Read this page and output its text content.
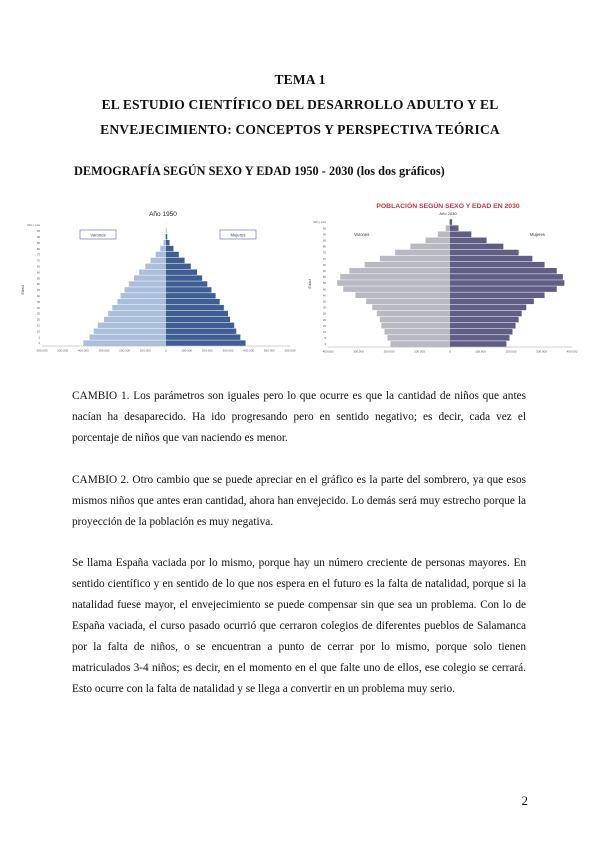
TEMA 1
EL ESTUDIO CIENTÍFICO DEL DESARROLLO ADULTO Y EL
ENVEJECIMIENTO: CONCEPTOS Y PERSPECTIVA TEÓRICA
DEMOGRAFÍA SEGÚN SEXO Y EDAD 1950 - 2030 (los dos gráficos)
Año 1950
Edad
100 y más
95
90
85
80
75
70
65
60
55
50
45
40
35
30
25
20
15
10
5
0
600.000	500.000	400.000	300.000	200.000	100.000	0	100.000	200.000	300.000	400.000	500.000	600.000
Varones	Mujeres
POBLACIÓN SEGÚN SEXO Y EDAD EN 2030
Año 2030
Edad
100 y más
95
90
85
80
75
70
65
60
55
50
45
40
35
30
25
20
15
10
5
0
400.000	300.000	200.000	100.000	0	100.000	200.000	300.000	400.000
Varones	Mujeres
CAMBIO 1. Los parámetros son iguales pero lo que ocurre es que la cantidad de niños que antes nacían ha desaparecido. Ha ido progresando pero en sentido negativo; es decir, cada vez el porcentaje de niños que van naciendo es menor.
CAMBIO 2. Otro cambio que se puede apreciar en el gráfico es la parte del sombrero, ya que esos mismos niños que antes eran cantidad, ahora han envejecido. Lo demás será muy estrecho porque la proyección de la población es muy negativa.
Se llama España vaciada por lo mismo, porque hay un número creciente de personas mayores. En sentido científico y en sentido de lo que nos espera en el futuro es la falta de natalidad, porque si la natalidad fuese mayor, el envejecimiento se puede compensar sin que sea un problema. Con lo de España vaciada, el curso pasado ocurrió que cerraron colegios de diferentes pueblos de Salamanca por la falta de niños, o se encuentran a punto de cerrar por lo mismo, porque solo tienen matriculados 3-4 niños; es decir, en el momento en el que falte uno de ellos, ese colegio se cerrará. Esto ocurre con la falta de natalidad y se llega a convertir en un problema muy serio.
2
